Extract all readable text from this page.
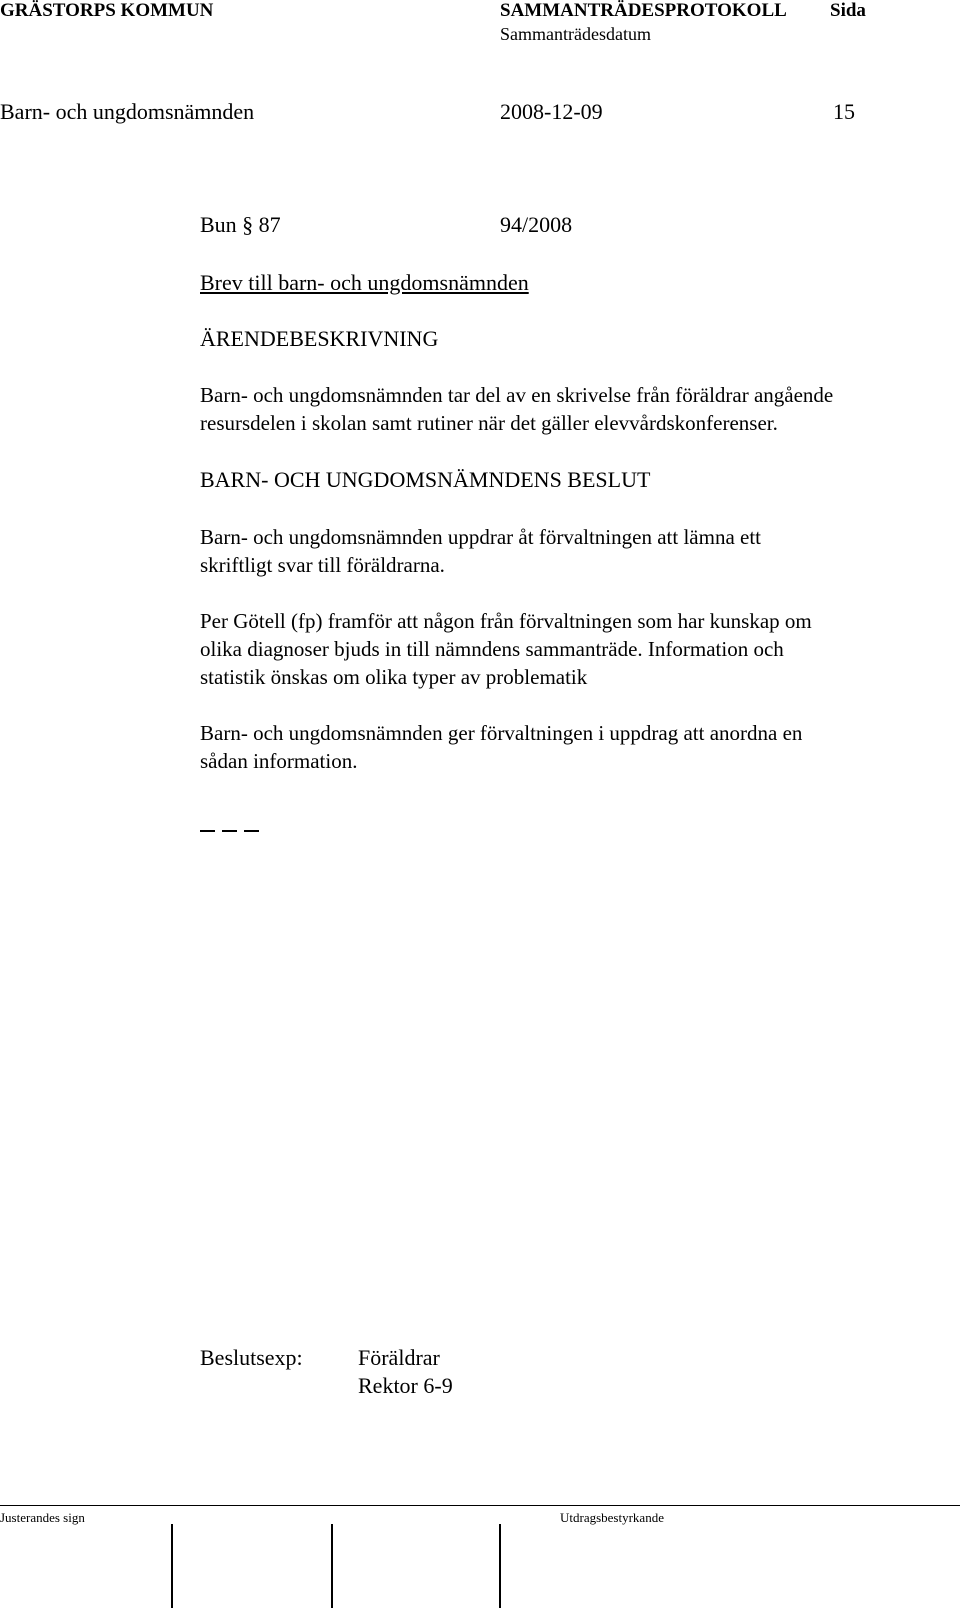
GRÄSTORPS KOMMUN	SAMMANTRÄDESPROTOKOLL Sida
Sammanträdesdatum
Barn- och ungdomsnämnden	2008-12-09	15
Bun § 87	94/2008
Brev till barn- och ungdomsnämnden
ÄRENDEBESKRIVNING
Barn- och ungdomsnämnden tar del av en skrivelse från föräldrar angående
resursdelen i skolan samt rutiner när det gäller elevvårdskonferenser.
BARN- OCH UNGDOMSNÄMNDENS BESLUT
Barn- och ungdomsnämnden uppdrar åt förvaltningen att lämna ett
skriftligt svar till föräldrarna.
Per Götell (fp) framför att någon från förvaltningen som har kunskap om
olika diagnoser bjuds in till nämndens sammanträde. Information och
statistik önskas om olika typer av problematik
Barn- och ungdomsnämnden ger förvaltningen i uppdrag att anordna en
sådan information.
Beslutsexp:	Föräldrar
Rektor 6-9
Justerandes sign	Utdragsbestyrkande
